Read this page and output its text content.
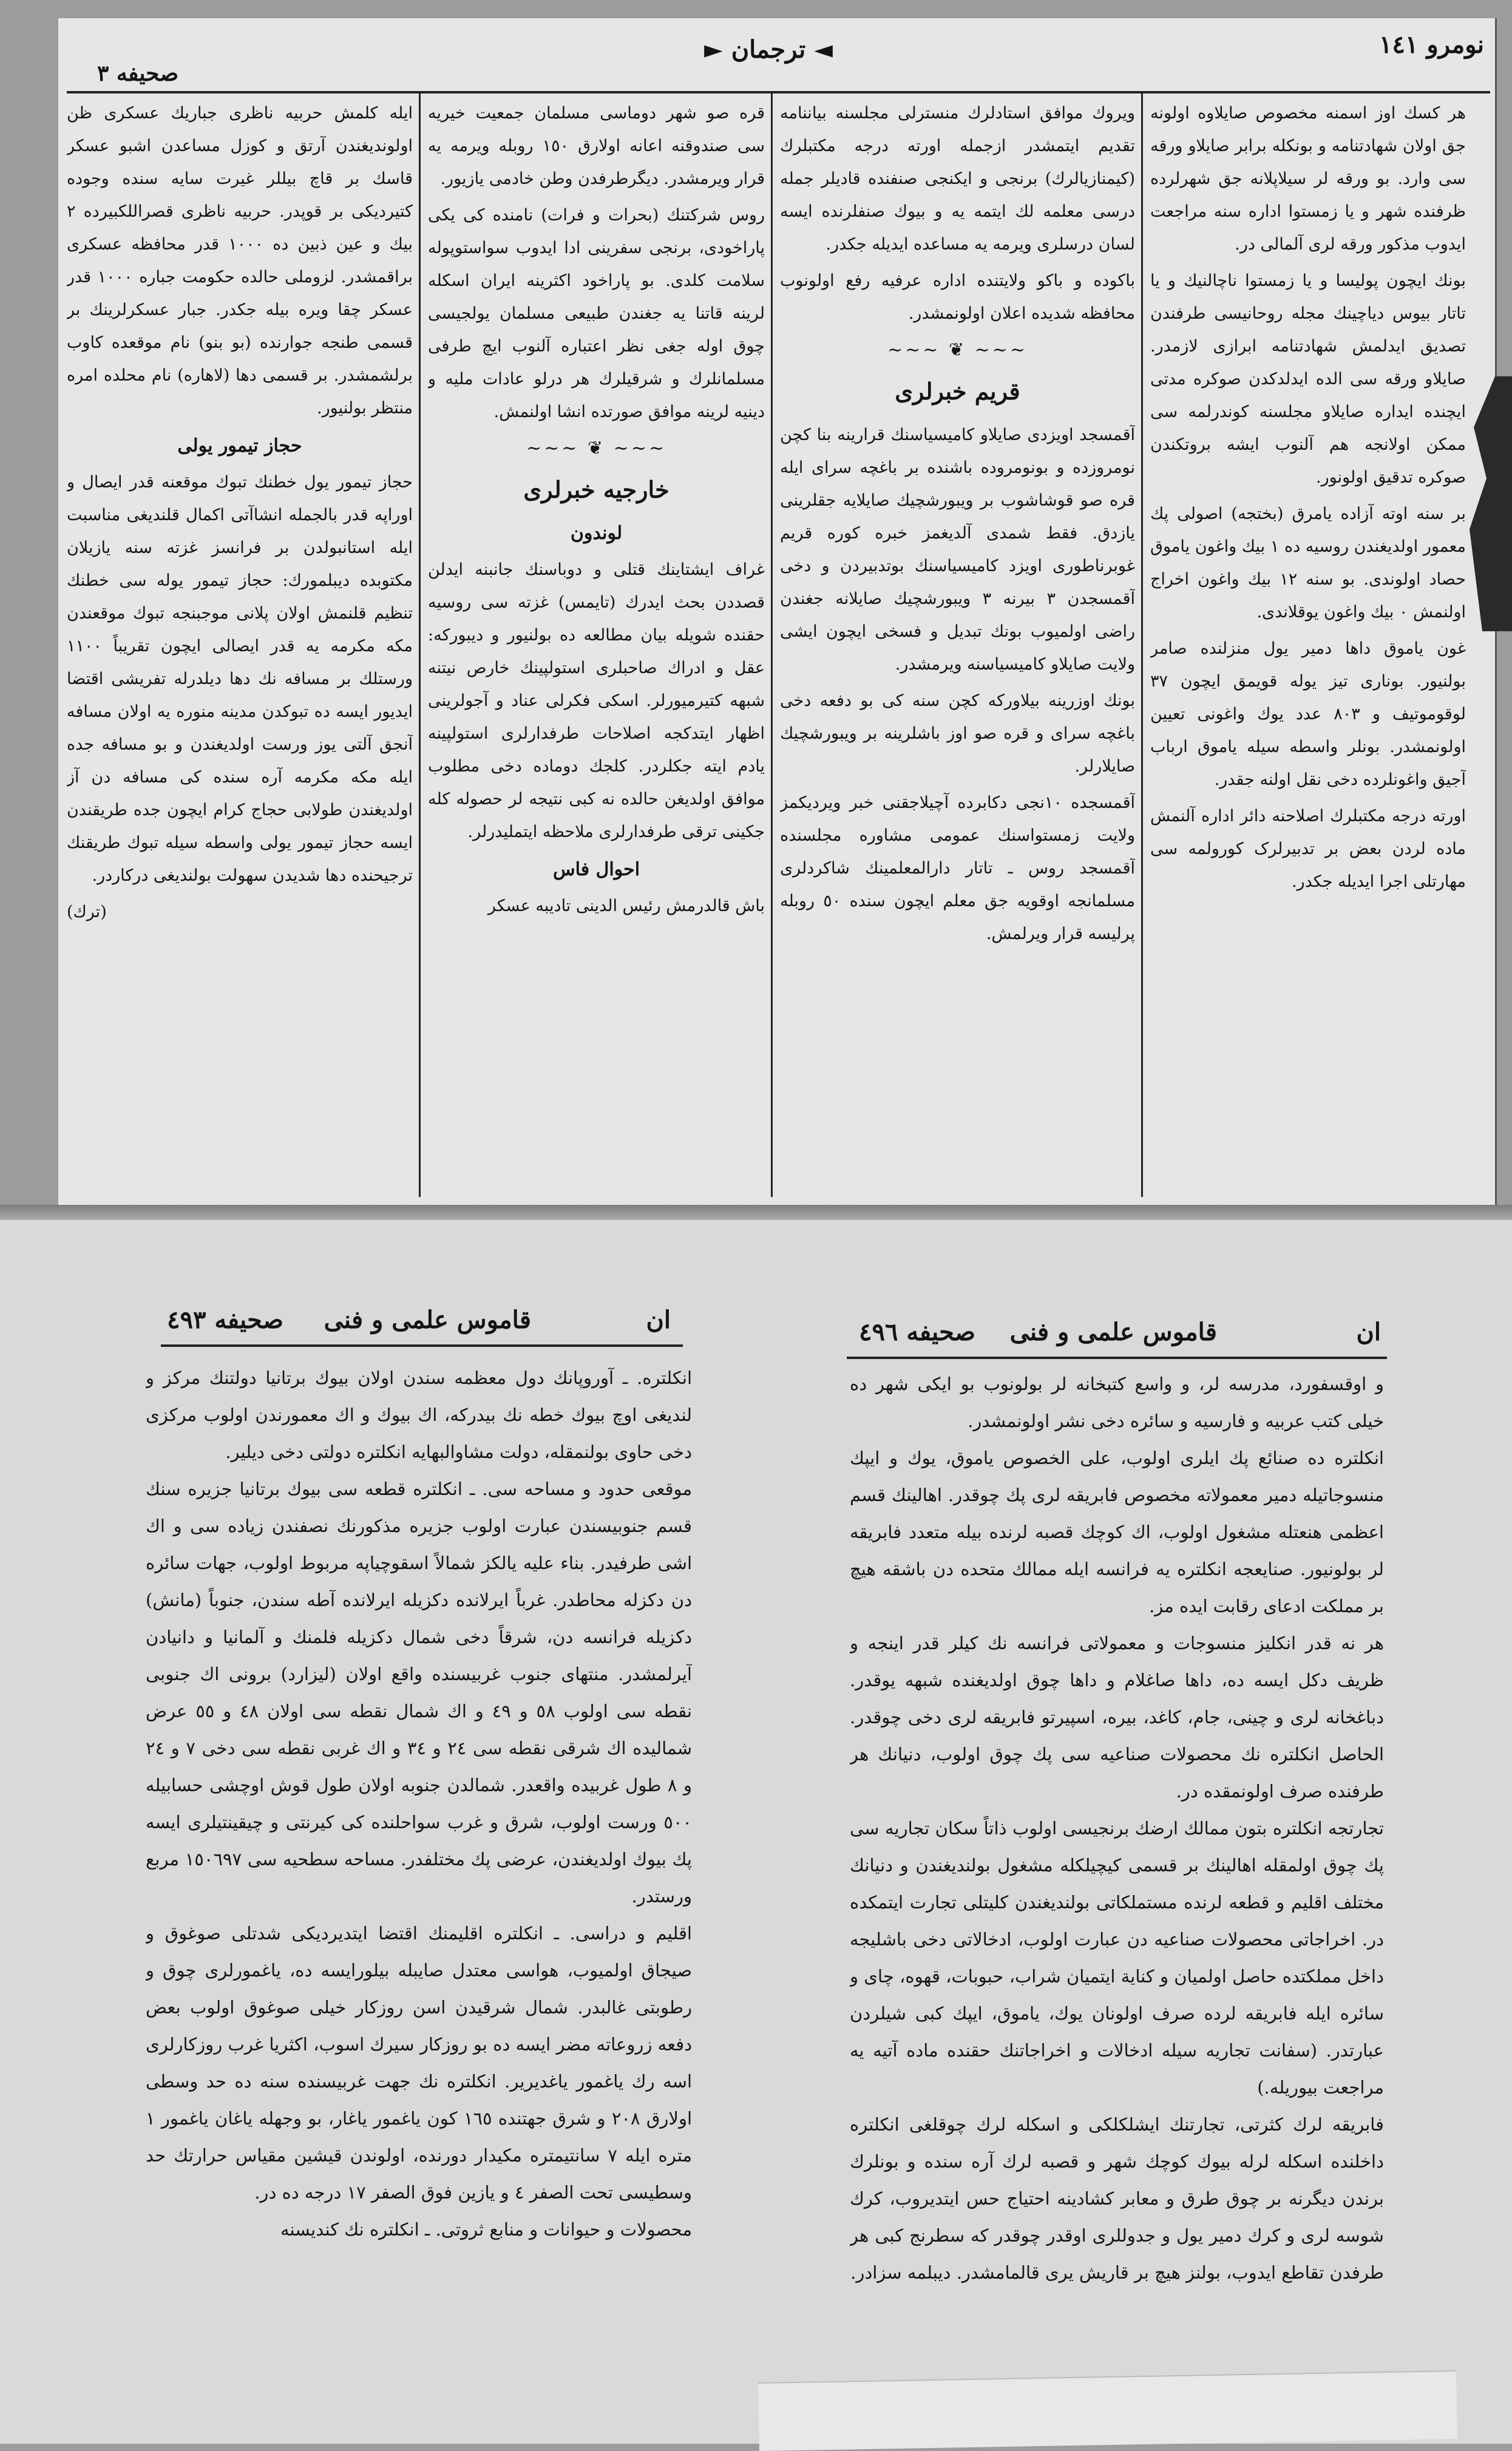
نومرو ۱٤۱
◄ ترجمان ►
صحيفه ۳

هر كسك اوز اسمنه مخصوص صايلاوه اولونه جق اولان شهادتنامه و بونكله برابر صايلاو ورقه سی وارد. بو ورقه لر سيلاپلانه جق شهرلرده ظرفنده شهر و يا زمستوا اداره سنه مراجعت ايدوب مذكور ورقه لری آلمالی در.

بونك ايچون پوليسا و يا زمستوا ناچالنيك و يا تاتار بيوس دياچينك مجله روحانيسی طرفندن تصديق ايدلمش شهادتنامه ابرازی لازمدر. صايلاو ورقه سی الده ايدلدكدن صوكره مدتی ايچنده ايداره صايلاو مجلسنه كوندرلمه سی ممكن اولانجه هم آلنوب ايشه بروتكندن صوكره تدقيق اولونور.

بر سنه اوته آزاده يامرق (بختجه) اصولی پك معمور اولديغندن روسيه ده ۱ بيك واغون ياموق حصاد اولوندی. بو سنه ۱۲ بيك واغون اخراج اولنمش ۰ بيك واغون يوقلاندی.

غون ياموق داها دمير يول منزلنده صامر بولنيور. بوناری تيز يوله قويمق ايچون ۳۷ لوقوموتيف و ۸۰۳ عدد يوك واغونی تعيين اولونمشدر. بونلر واسطه سيله ياموق ارباب آجيق واغونلرده دخی نقل اولنه جقدر.

اورته درجه مكتبلرك اصلاحنه دائر اداره آلنمش ماده لردن بعض بر تدبيرلرک كورولمه سی مهارتلی اجرا ايديله جكدر.

ويروك موافق استادلرك منسترلی مجلسنه بياننامه تقديم ايتمشدر ازجمله اورته درجه مكتبلرك (كيمنازيالرك) برنجی و ايكنجی صنفنده قاديلر جمله درسی معلمه لك ايتمه يه و بيوك صنفلرنده ايسه لسان درسلری ويرمه يه مساعده ايديله جكدر.

باكوده و باكو ولايتنده اداره عرفيه رفع اولونوب محافظه شديده اعلان اولونمشدر.

~~~ ❦ ~~~
قريم خبرلری

آقمسجد اويزدی صايلاو كاميسياسنك قرارينه بنا كچن نومروزده و بونومروده باشنده بر باغچه سرای ايله قره صو قوشاشوب بر ويبورشچيك صايلايه جقلرينی يازدق. فقط شمدی آلديغمز خبره كوره قريم غوبرناطوری اويزد كاميسياسنك بوتدبيردن و دخی آقمسجدن ۳ بيرنه ۳ ويبورشچيك صايلانه جغندن راضی اولميوب بونك تبديل و فسخی ايچون ايشی ولايت صايلاو كاميسياسنه ويرمشدر.

بونك اوزرينه بيلاوركه كچن سنه كی بو دفعه دخی باغچه سرای و قره صو اوز باشلرينه بر ويبورشچيك صايلارلر.

آقمسجده ۱۰نجی دكابرده آچيلاجقنی خبر ويرديكمز ولايت زمستواسنك عمومی مشاوره مجلسنده آقمسجد روس ـ تاتار دارالمعلمينك شاكردلری مسلمانجه اوقويه جق معلم ايچون سنده ٥۰ روبله پرليسه قرار ويرلمش.

قره صو شهر دوماسی مسلمان جمعيت خيريه سی صندوقنه اعانه اولارق ۱٥۰ روبله ويرمه يه قرار ويرمشدر. ديگرطرفدن وطن خادمی يازيور.

روس شركتنك (بحرات و فرات) نامنده كی يكی پاراخودی، برنجی سفرينی ادا ايدوب سواستوپوله سلامت كلدی. بو پاراخود اكثرينه ايران اسكله لرينه قاتنا يه جغندن طبيعی مسلمان يولجيسی چوق اوله جغی نظر اعتباره آلنوب ايچ طرفی مسلمانلرك و شرقيلرك هر درلو عادات مليه و دينيه لرينه موافق صورتده انشا اولنمش.

~~~ ❦ ~~~
خارجيه خبرلری
لوندون

غراف ايشتاينك قتلی و دوباسنك جانبنه ايدلن قصددن بحث ايدرك (تايمس) غزته سی روسيه حقنده شويله بيان مطالعه ده بولنيور و ديبوركه: عقل و ادراك صاحبلری استولپينك خارص نيتنه شبهه كتيرميورلر. اسكی فكرلی عناد و آجولرينی اظهار ايتدكجه اصلاحات طرفدارلری استولپينه يادم ايته جكلردر. كلجك دوماده دخی مطلوب موافق اولديغن حالده نه كبی نتيجه لر حصوله كله جكينی ترقی طرفدارلری ملاحظه ايتمليدرلر.

احوال فاس

باش قالدرمش رئيس الدينی تاديبه عسكر

ايله كلمش حربيه ناظری جباريك عسكری ظن اولونديغندن آرتق و كوزل مساعدن اشبو عسكر قاسك بر قاچ بيللر غيرت سايه سنده وجوده كتيرديكی بر قوپدر. حربيه ناظری قصراللكبيرده ۲ بيك و عين ذبين ده ۱۰۰۰ قدر محافظه عسكری براقمشدر. لزوملی حالده حكومت جباره ۱۰۰۰ قدر عسكر چقا ويره بيله جكدر. جبار عسكرلرينك بر قسمی طنجه جوارنده (بو بنو) نام موقعده كاوب برلشمشدر. بر قسمی دها (لاهاره) نام محلده امره منتظر بولنيور.

حجاز تيمور يولی

حجاز تيمور يول خطنك تبوك موقعنه قدر ايصال و اوراپه قدر بالجمله انشاآتی اكمال قلنديغی مناسبت ايله استانبولدن بر فرانسز غزته سنه يازيلان مكتوبده ديبلمورك: حجاز تيمور يوله سی خطنك تنظيم قلنمش اولان پلانی موجبنجه تبوك موقعندن مكه مكرمه يه قدر ايصالی ايچون تقريباً ۱۱۰۰ ورستلك بر مسافه نك دها ديلدرله تفريشی اقتضا ايديور ايسه ده تبوكدن مدينه منوره يه اولان مسافه آنجق آلتی يوز ورست اولديغندن و بو مسافه جده ايله مكه مكرمه آره سنده كی مسافه دن آز اولديغندن طولابی حجاج كرام ايچون جده طريقندن ايسه حجاز تيمور يولی واسطه سيله تبوك طريقنك ترجيحنده دها شديدن سهولت بولنديغی دركاردر.

(ترك)

ان
قاموس علمی و فنی
صحيفه ٤۹۳	ان
قاموس علمی و فنی
صحيفه ٤۹٦

انكلتره. ـ آوروپانك دول معظمه سندن اولان بيوك برتانيا دولتنك مركز و لنديغی اوچ بيوك خطه نك بيدركه، اك بيوك و اك معمورندن اولوب مركزی دخی حاوی بولنمقله، دولت مشاوالبهايه انكلتره دولتی دخی ديلير.

موقعی حدود و مساحه سی. ـ انكلتره قطعه سی بيوك برتانيا جزيره سنك قسم جنوبيسندن عبارت اولوب جزيره مذكورنك نصفندن زياده سی و اك اشی طرفيدر. بناء عليه يالكز شمالاً اسقوچياپه مربوط اولوب، جهات سائره دن دكزله محاطدر. غرباً ايرلانده دكزيله ايرلانده آطه سندن، جنوباً (مانش) دكزيله فرانسه دن، شرقاً دخی شمال دكزيله فلمنك و آلمانيا و دانيادن آيرلمشدر. منتهای جنوب غربيسنده واقع اولان (ليزارد) برونی اك جنوبی نقطه سی اولوب ٥۸ و ٤۹ و اك شمال نقطه سی اولان ٤۸ و ٥٥ عرض شماليده اك شرقی نقطه سی ۲٤ و ۳٤ و اك غربی نقطه سی دخی ۷ و ۲٤ و ۸ طول غربيده واقعدر. شمالدن جنوبه اولان طول قوش اوچشی حسابيله ٥۰۰ ورست اولوب، شرق و غرب سواحلنده كی كيرنتی و چيقينتيلری ايسه پك بيوك اولديغندن، عرضی پك مختلفدر. مساحه سطحيه سی ۱٥۰٦۹۷ مربع ورستدر.

اقليم و دراسی. ـ انكلتره اقليمنك اقتضا ايتديرديكی شدتلی صوغوق و صيجاق اولميوب، هواسی معتدل صايبله بيلورايسه ده، ياغمورلری چوق و رطوبتی غالبدر. شمال شرقيدن اسن روزكار خيلی صوغوق اولوب بعض دفعه زروعاته مضر ايسه ده بو روزكار سيرك اسوب، اكثريا غرب روزكارلری اسه رك ياغمور ياغديرير. انكلتره نك جهت غربيسنده سنه ده حد وسطی اولارق ۲۰۸ و شرق جهتنده ۱٦٥ كون ياغمور ياغار، بو وجهله ياغان ياغمور ۱ متره ايله ۷ سانتيمتره مكيدار دورنده، اولوندن قيشين مقياس حرارتك حد وسطيسی تحت الصفر ٤ و يازين فوق الصفر ۱۷ درجه ده در.

محصولات و حيوانات و منابع ثروتی. ـ انكلتره نك كنديسنه

و اوقسفورد، مدرسه لر، و واسع كتبخانه لر بولونوب بو ايكی شهر ده خيلی كتب عربيه و فارسيه و سائره دخی نشر اولونمشدر.

انكلتره ده صنائع پك ايلری اولوب، علی الخصوص ياموق، يوك و ايپك منسوجاتيله دمير معمولاته مخصوص فابريقه لری پك چوقدر. اهالينك قسم اعظمی هنعتله مشغول اولوب، اك كوچك قصبه لرنده بيله متعدد فابريقه لر بولونيور. صنايعجه انكلتره يه فرانسه ايله ممالك متحده دن باشقه هيچ بر مملكت ادعای رقابت ايده مز.

هر نه قدر انكليز منسوجات و معمولاتی فرانسه نك كيلر قدر اينجه و ظريف دكل ايسه ده، داها صاغلام و داها چوق اولديغنده شبهه يوقدر. دباغخانه لری و چينی، جام، كاغد، بيره، اسپيرتو فابريقه لری دخی چوقدر. الحاصل انكلتره نك محصولات صناعيه سی پك چوق اولوب، دنيانك هر طرفنده صرف اولونمقده در.

تجارتجه انكلتره بتون ممالك ارضك برنجيسی اولوب ذاتاً سكان تجاريه سی پك چوق اولمقله اهالينك بر قسمی كيچيلكله مشغول بولنديغندن و دنيانك مختلف اقليم و قطعه لرنده مستملكاتی بولنديغندن كليتلی تجارت ايتمكده در. اخراجاتی محصولات صناعيه دن عبارت اولوب، ادخالاتی دخی باشليجه داخل مملكتده حاصل اولميان و كناية ايتميان شراب، حبوبات، قهوه، چای و سائره ايله فابريقه لرده صرف اولونان يوك، ياموق، ايپك كبی شيلردن عبارتدر. (سفانت تجاريه سيله ادخالات و اخراجاتنك حقنده ماده آتيه يه مراجعت بيوريله.)

فابريقه لرك كثرتی، تجارتنك ايشلكلكی و اسكله لرك چوقلغی انكلتره داخلنده اسكله لرله بيوك كوچك شهر و قصبه لرك آره سنده و بونلرك برندن ديگرنه بر چوق طرق و معابر كشادينه احتياج حس ايتديروب، كرك شوسه لری و كرك دمير يول و جدوللری اوقدر چوقدر كه سطرنج كبی هر طرفدن تقاطع ايدوب، بولنز هيچ بر قاريش يری قالمامشدر. ديبلمه سزادر.
